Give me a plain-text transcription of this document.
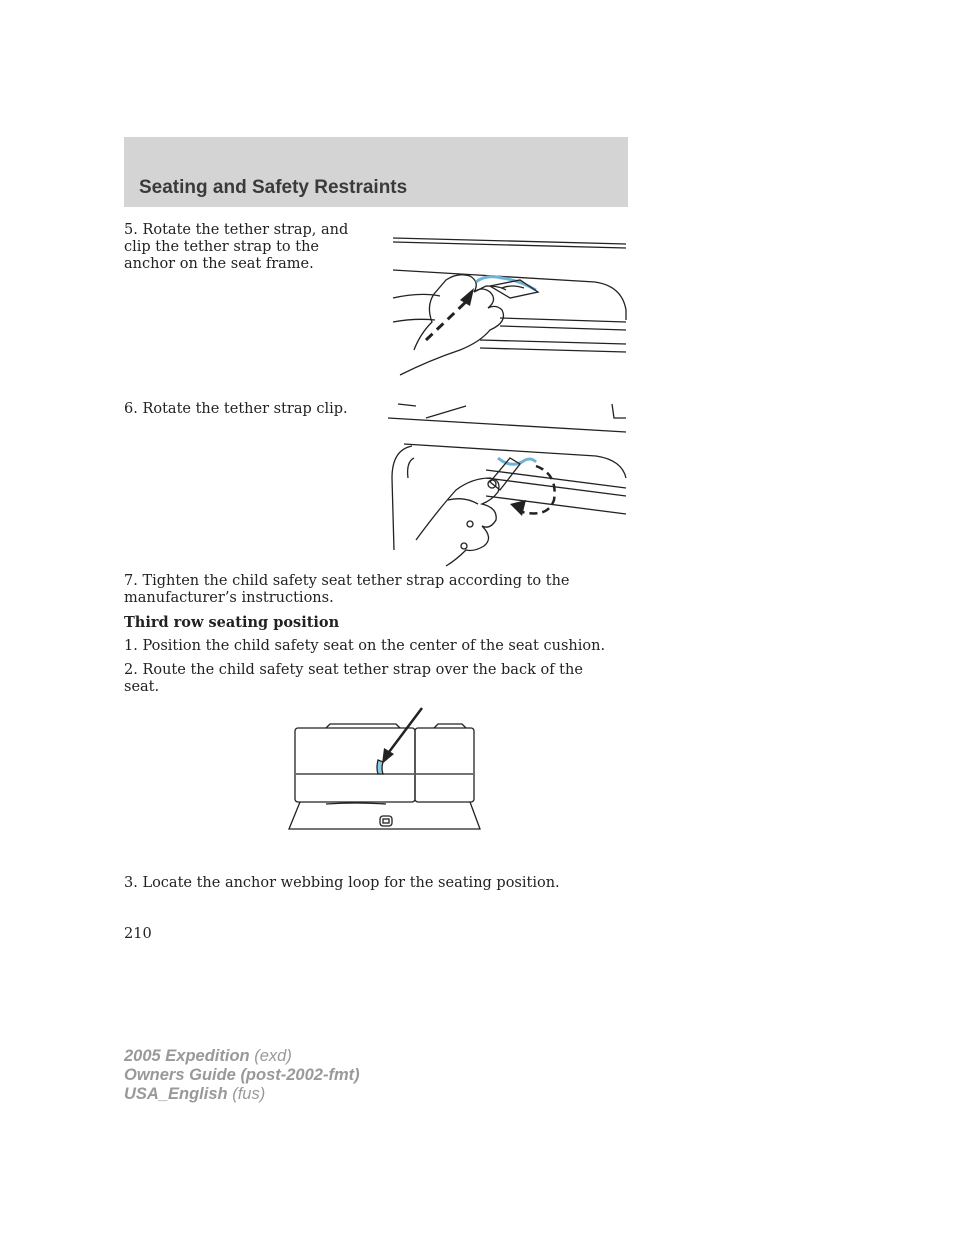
Seating and Safety Restraints

5. Rotate the tether strap, and clip the tether strap to the anchor on the seat frame.

6. Rotate the tether strap clip.

7. Tighten the child safety seat tether strap according to the manufacturer’s instructions.

Third row seating position

1. Position the child safety seat on the center of the seat cushion.

2. Route the child safety seat tether strap over the back of the seat.

3. Locate the anchor webbing loop for the seating position.

210

2005 Expedition (exd)
Owners Guide (post-2002-fmt)
USA_English (fus)
